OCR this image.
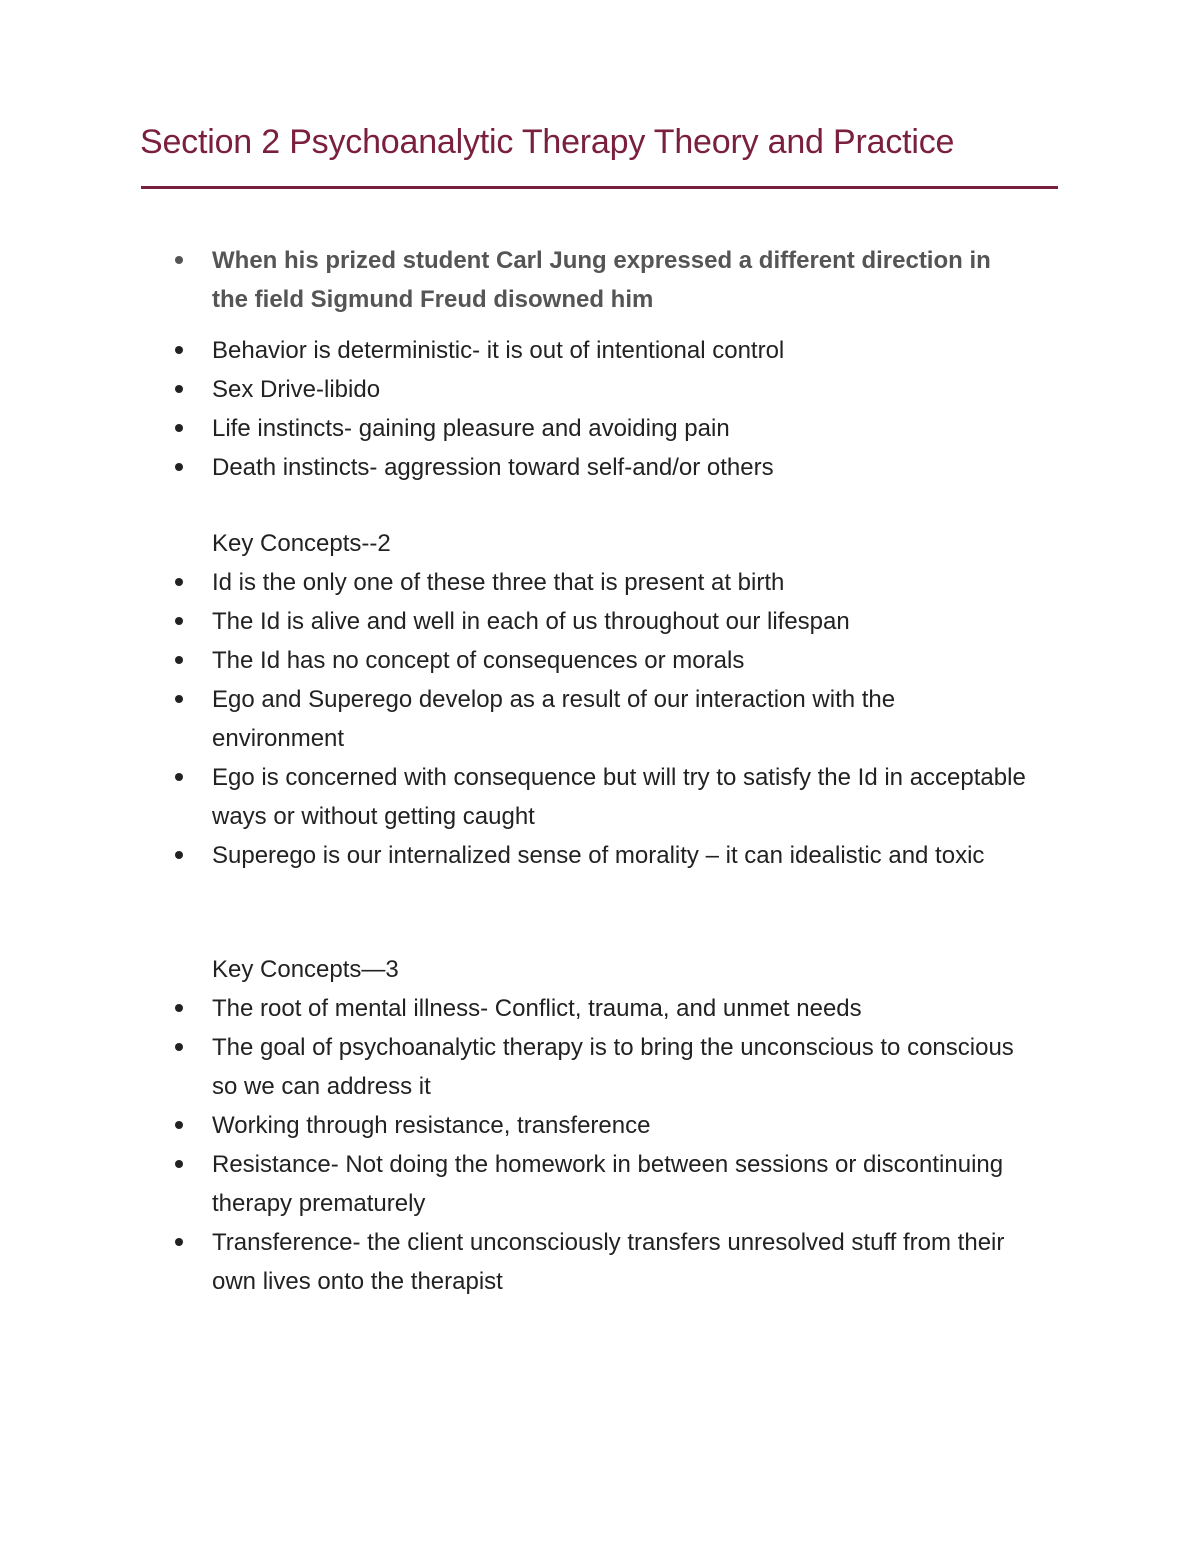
Section 2 Psychoanalytic Therapy Theory and Practice
When his prized student Carl Jung expressed a different direction in the field Sigmund Freud disowned him
Behavior is deterministic- it is out of intentional control
Sex Drive-libido
Life instincts- gaining pleasure and avoiding pain
Death instincts- aggression toward self-and/or others

Key Concepts--2

Id is the only one of these three that is present at birth
The Id is alive and well in each of us throughout our lifespan
The Id has no concept of consequences or morals
Ego and Superego develop as a result of our interaction with the environment
Ego is concerned with consequence but will try to satisfy the Id in acceptable ways or without getting caught
Superego is our internalized sense of morality – it can idealistic and toxic

Key Concepts—3

The root of mental illness- Conflict, trauma, and unmet needs
The goal of psychoanalytic therapy is to bring the unconscious to conscious so we can address it
Working through resistance, transference
Resistance- Not doing the homework in between sessions or discontinuing therapy prematurely
Transference- the client unconsciously transfers unresolved stuff from their own lives onto the therapist
